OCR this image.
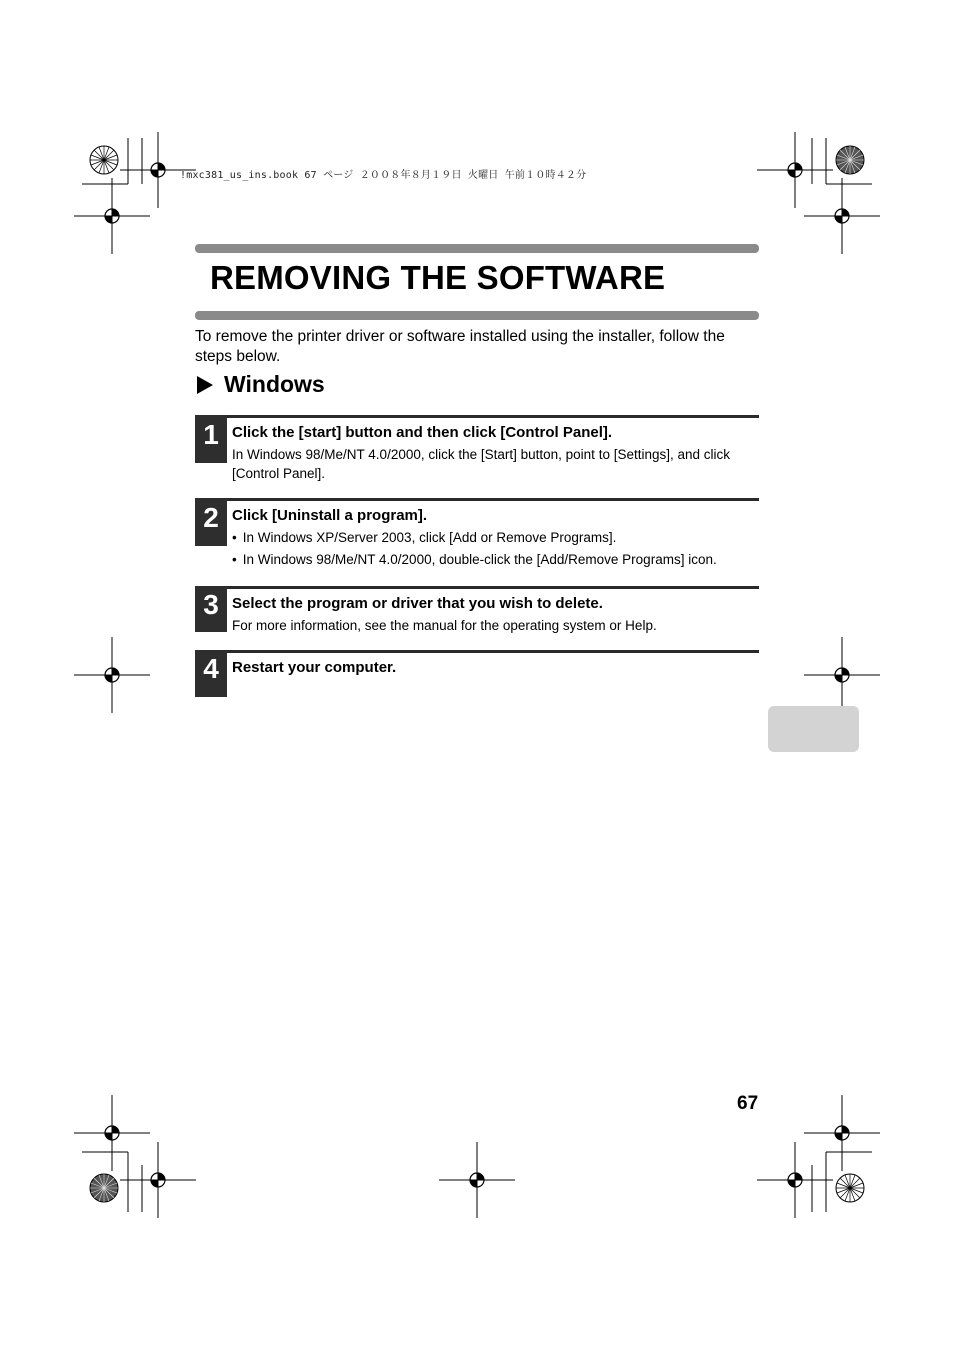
!mxc381_us_ins.book 67 ページ ２００８年８月１９日 火曜日 午前１０時４２分
REMOVING THE SOFTWARE

To remove the printer driver or software installed using the installer, follow the steps below.

Windows
1 Click the [start] button and then click [Control Panel].
In Windows 98/Me/NT 4.0/2000, click the [Start] button, point to [Settings], and click [Control Panel].
2 Click [Uninstall a program].
• In Windows XP/Server 2003, click [Add or Remove Programs].
• In Windows 98/Me/NT 4.0/2000, double-click the [Add/Remove Programs] icon.
3 Select the program or driver that you wish to delete.
For more information, see the manual for the operating system or Help.
4 Restart your computer.
67
